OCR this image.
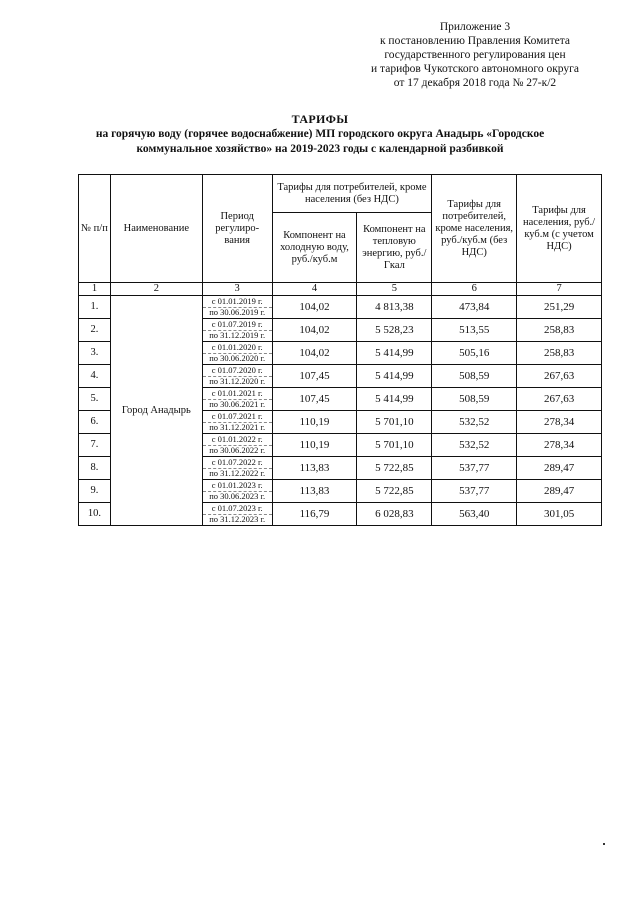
Приложение 3
к постановлению Правления Комитета
государственного регулирования цен
и тарифов Чукотского автономного округа
от 17 декабря 2018 года № 27-к/2
ТАРИФЫ
на горячую воду (горячее водоснабжение) МП городского округа Анадырь «Городское
коммунальное хозяйство» на 2019-2023 годы с календарной разбивкой
№ п/п	Наименование	Период регулиро-вания	Тарифы для потребителей, кроме населения (без НДС)		Тарифы для потребителей, кроме населения, руб./куб.м (без НДС)	Тарифы для населения, руб./куб.м (с учетом НДС)
			Компонент на холодную воду, руб./куб.м	Компонент на тепловую энергию, руб./Гкал		
1	2	3	4	5	6	7
1.	Город Анадырь	с 01.01.2019 г.
по 30.06.2019 г.	104,02	4 813,38	473,84	251,29
2.		с 01.07.2019 г.
по 31.12.2019 г.	104,02	5 528,23	513,55	258,83
3.		с 01.01.2020 г.
по 30.06.2020 г.	104,02	5 414,99	505,16	258,83
4.		с 01.07.2020 г.
по 31.12.2020 г.	107,45	5 414,99	508,59	267,63
5.		с 01.01.2021 г.
по 30.06.2021 г.	107,45	5 414,99	508,59	267,63
6.		с 01.07.2021 г.
по 31.12.2021 г.	110,19	5 701,10	532,52	278,34
7.		с 01.01.2022 г.
по 30.06.2022 г.	110,19	5 701,10	532,52	278,34
8.		с 01.07.2022 г.
по 31.12.2022 г.	113,83	5 722,85	537,77	289,47
9.		с 01.01.2023 г.
по 30.06.2023 г.	113,83	5 722,85	537,77	289,47
10.		с 01.07.2023 г.
по 31.12.2023 г.	116,79	6 028,83	563,40	301,05
